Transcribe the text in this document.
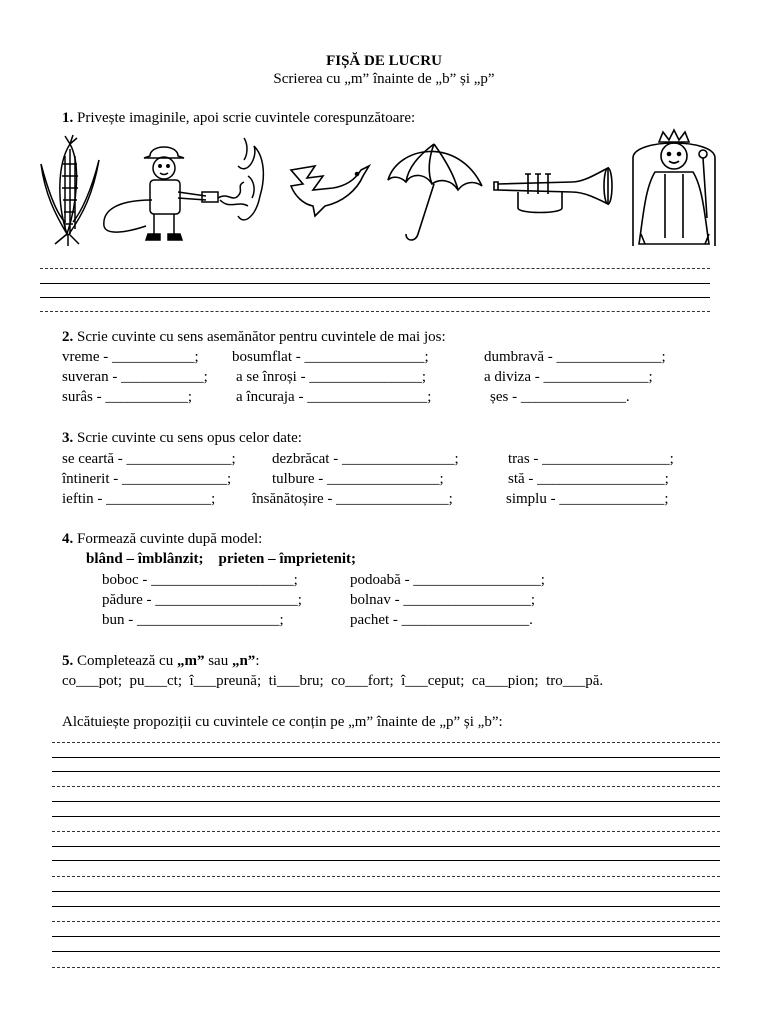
FIȘĂ DE LUCRU
Scrierea cu „m” înainte de „b” și „p”
1. Privește imaginile, apoi scrie cuvintele corespunzătoare:
2. Scrie cuvinte cu sens asemănător pentru cuvintele de mai jos:
vreme - ___________; bosumflat - ________________;	dumbravă - ______________;
suveran - ___________; a se înroși - _______________;	a diviza - ______________;
surâs - ___________;	a încuraja - ________________;	șes - ______________.
3. Scrie cuvinte cu sens opus celor date:
se ceartă - ______________; dezbrăcat - _______________;	tras - _________________;
întinerit - ______________;	tulbure - _______________;	stă - _________________;
ieftin - ______________; însănătoșire - _______________;	simplu - ______________;
4. Formează cuvinte după model:
blând – îmblânzit;    prieten – împrietenit;
boboc - ___________________;	podoabă - _________________;
pădure - ___________________;	bolnav - _________________;
bun - ___________________;	pachet - _________________.
5. Completează cu „m” sau „n”:
co___pot;  pu___ct;  î___preună;  ti___bru;  co___fort;  î___ceput;  ca___pion;  tro___pă.
Alcătuiește propoziții cu cuvintele ce conțin pe „m” înainte de „p” și „b”:
